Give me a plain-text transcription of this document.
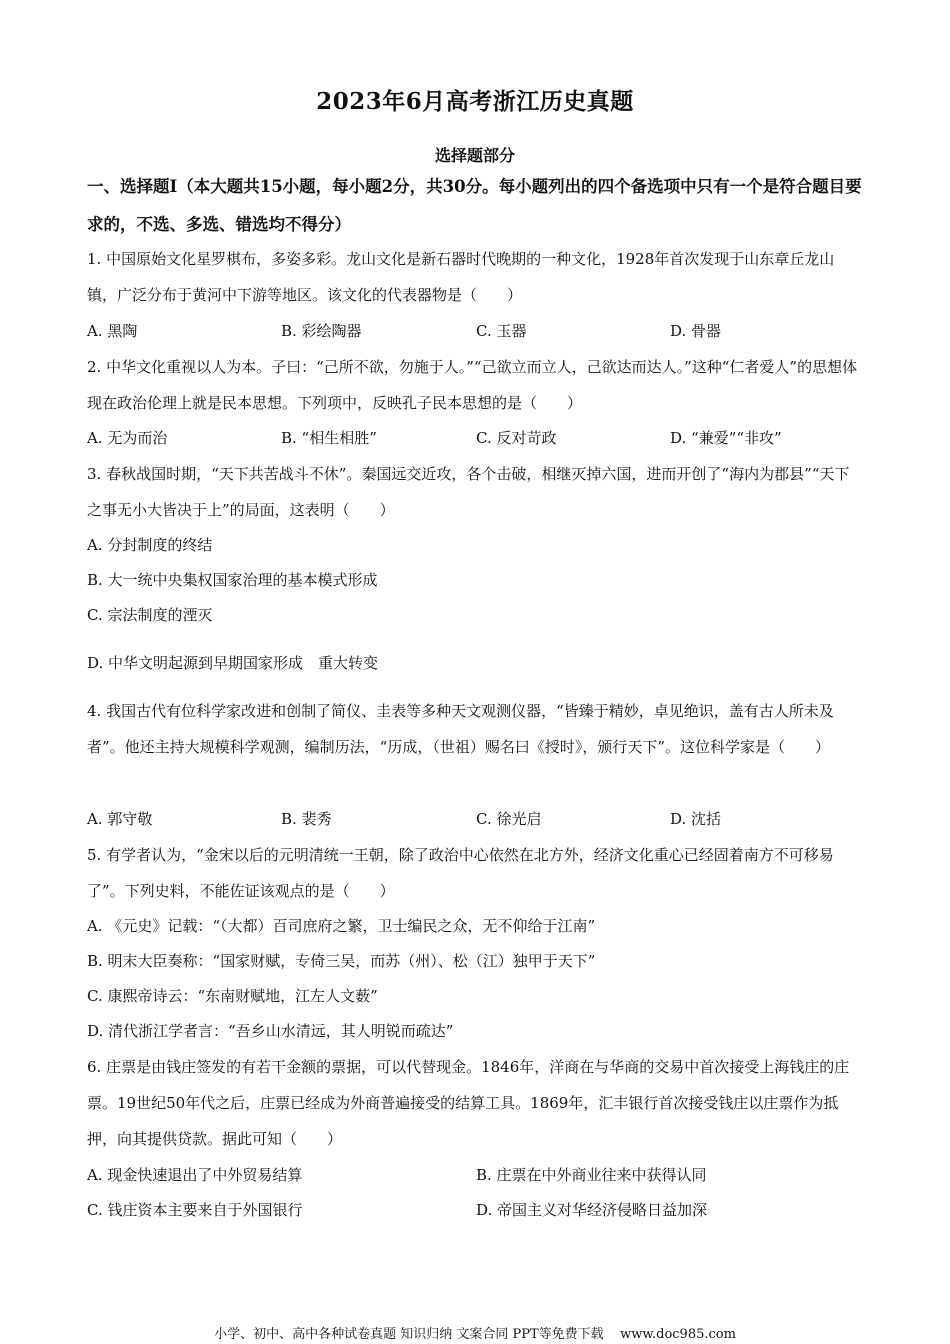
2023年6月高考浙江历史真题
选择题部分
一、选择题Ⅰ（本大题共15小题，每小题2分，共30分。每小题列出的四个备选项中只有一个是符合题目要求的，不选、多选、错选均不得分）
1. 中国原始文化星罗棋布，多姿多彩。龙山文化是新石器时代晚期的一种文化，1928年首次发现于山东章丘龙山镇，广泛分布于黄河中下游等地区。该文化的代表器物是（　　）
A. 黑陶	B. 彩绘陶器	C. 玉器	D. 骨器
2. 中华文化重视以人为本。子曰：“己所不欲，勿施于人。”“己欲立而立人，己欲达而达人。”这种“仁者爱人”的思想体现在政治伦理上就是民本思想。下列项中，反映孔子民本思想的是（　　）
A. 无为而治	B. “相生相胜”	C. 反对苛政	D. “兼爱”“非攻”
3. 春秋战国时期，“天下共苦战斗不休”。秦国远交近攻，各个击破，相继灭掉六国，进而开创了“海内为郡县”“天下之事无小大皆决于上”的局面，这表明（　　）
A. 分封制度的终结
B. 大一统中央集权国家治理的基本模式形成
C. 宗法制度的湮灭
D. 中华文明起源到早期国家形成　重大转变
4. 我国古代有位科学家改进和创制了简仪、圭表等多种天文观测仪器，“皆臻于精妙，卓见绝识，盖有古人所未及者”。他还主持大规模科学观测，编制历法，“历成，（世祖）赐名曰《授时》，颁行天下”。这位科学家是（　　）
A. 郭守敬	B. 裴秀	C. 徐光启	D. 沈括
5. 有学者认为，“金宋以后的元明清统一王朝，除了政治中心依然在北方外，经济文化重心已经固着南方不可移易了”。下列史料，不能佐证该观点的是（　　）
A. 《元史》记载：“（大都）百司庶府之繁，卫士编民之众，无不仰给于江南”
B. 明末大臣奏称：“国家财赋，专倚三吴，而苏（州）、松（江）独甲于天下”
C. 康熙帝诗云：“东南财赋地，江左人文薮”
D. 清代浙江学者言：“吾乡山水清远，其人明锐而疏达”
6. 庄票是由钱庄签发的有若干金额的票据，可以代替现金。1846年，洋商在与华商的交易中首次接受上海钱庄的庄票。19世纪50年代之后，庄票已经成为外商普遍接受的结算工具。1869年，汇丰银行首次接受钱庄以庄票作为抵押，向其提供贷款。据此可知（　　）
A. 现金快速退出了中外贸易结算	B. 庄票在中外商业往来中获得认同
C. 钱庄资本主要来自于外国银行	D. 帝国主义对华经济侵略日益加深
小学、初中、高中各种试卷真题 知识归纳 文案合同 PPT等免费下载    www.doc985.com
